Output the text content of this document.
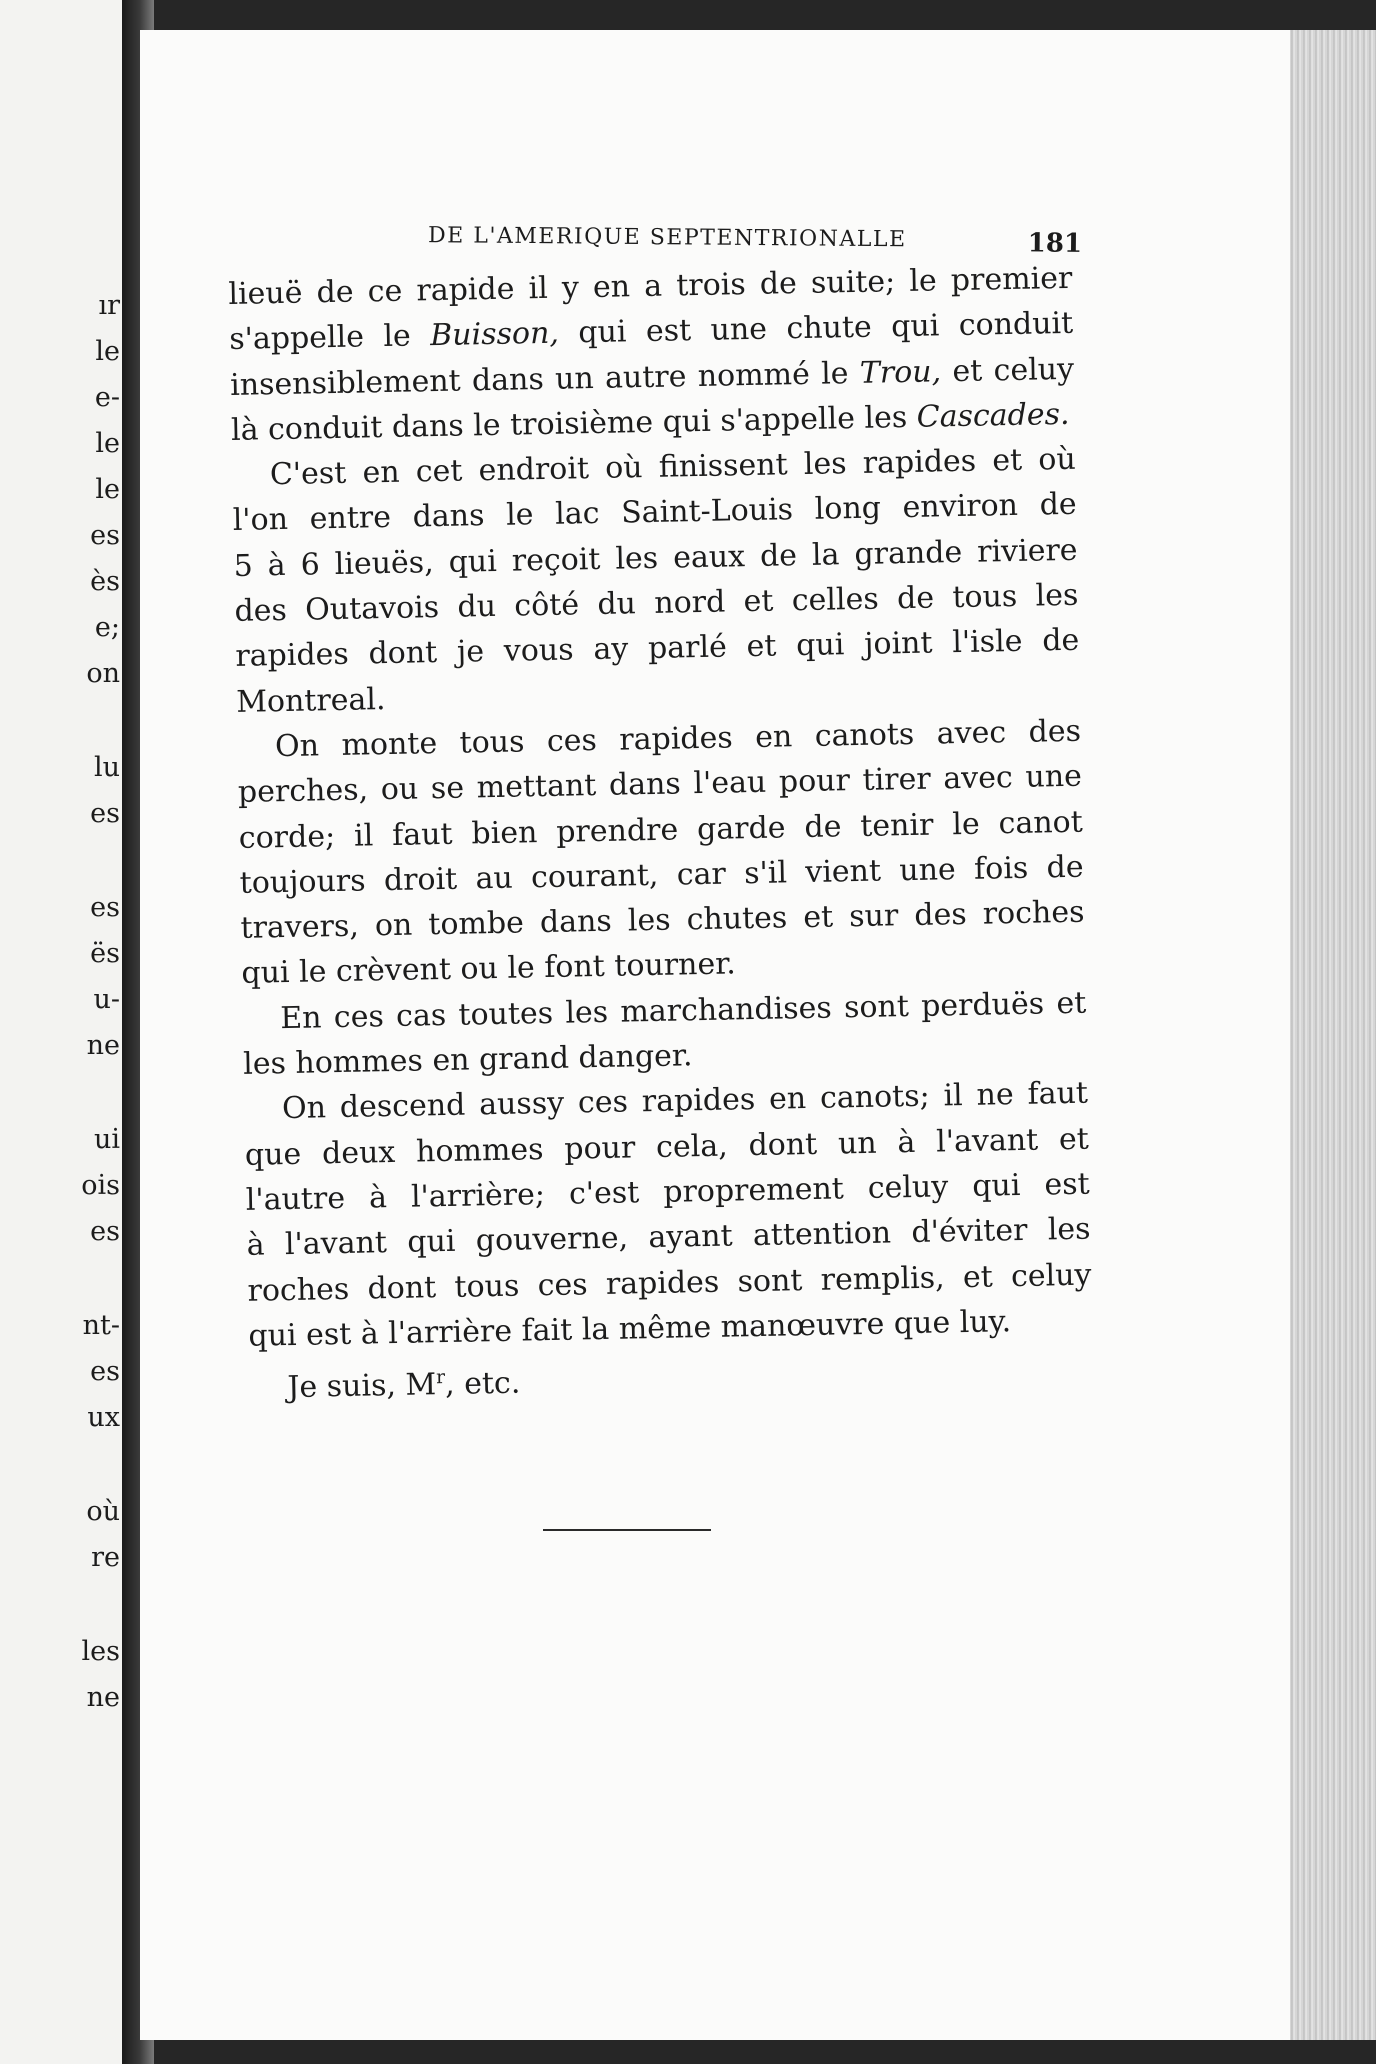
ır
le
e-
le
le
es
ès
e;
on
lu
es
es
ës
u-
ne
ui
ois
es
nt-
es
ux
où
re
les
ne
DE L'AMERIQUE SEPTENTRIONALLE	181
lieuë de ce rapide il y en a trois de suite; le premier
s'appelle le Buisson, qui est une chute qui conduit
insensiblement dans un autre nommé le Trou, et celuy
là conduit dans le troisième qui s'appelle les Cascades.
C'est en cet endroit où finissent les rapides et où
l'on entre dans le lac Saint-Louis long environ de
5 à 6 lieuës, qui reçoit les eaux de la grande riviere
des Outavois du côté du nord et celles de tous les
rapides dont je vous ay parlé et qui joint l'isle de
Montreal.
On monte tous ces rapides en canots avec des
perches, ou se mettant dans l'eau pour tirer avec une
corde; il faut bien prendre garde de tenir le canot
toujours droit au courant, car s'il vient une fois de
travers, on tombe dans les chutes et sur des roches
qui le crèvent ou le font tourner.
En ces cas toutes les marchandises sont perduës et
les hommes en grand danger.
On descend aussy ces rapides en canots; il ne faut
que deux hommes pour cela, dont un à l'avant et
l'autre à l'arrière; c'est proprement celuy qui est
à l'avant qui gouverne, ayant attention d'éviter les
roches dont tous ces rapides sont remplis, et celuy
qui est à l'arrière fait la même manœuvre que luy.
Je suis, $M^r$, etc.
